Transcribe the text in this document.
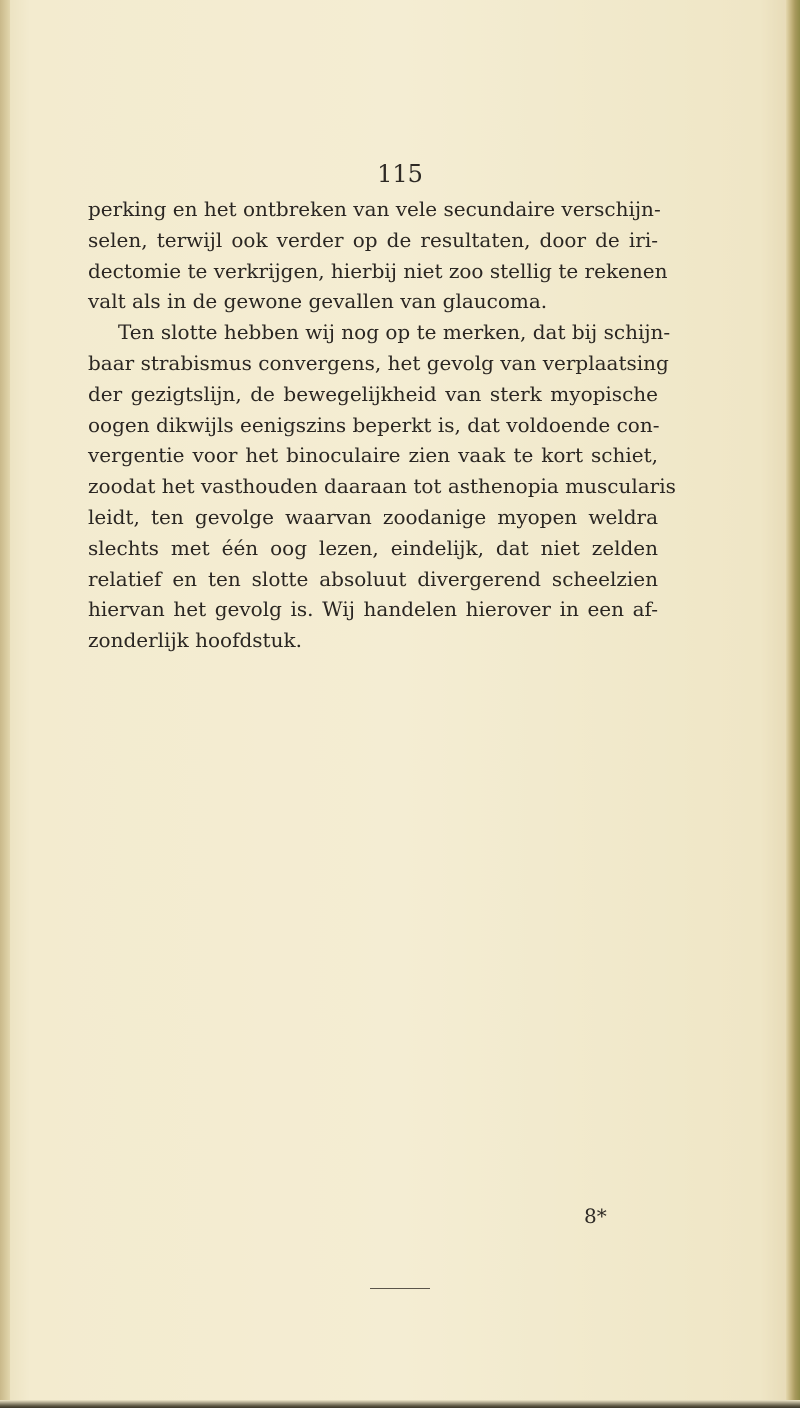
115
perking en het ontbreken van vele secundaire verschijn-
selen, terwijl ook verder op de resultaten, door de iri-
dectomie te verkrijgen, hierbij niet zoo stellig te rekenen
valt als in de gewone gevallen van glaucoma.
Ten slotte hebben wij nog op te merken, dat bij schijn-
baar strabismus convergens, het gevolg van verplaatsing
der gezigtslijn, de bewegelijkheid van sterk myopische
oogen dikwijls eenigszins beperkt is, dat voldoende con-
vergentie voor het binoculaire zien vaak te kort schiet,
zoodat het vasthouden daaraan tot asthenopia muscularis
leidt, ten gevolge waarvan zoodanige myopen weldra
slechts met één oog lezen, eindelijk, dat niet zelden
relatief en ten slotte absoluut divergerend scheelzien
hiervan het gevolg is. Wij handelen hierover in een af-
zonderlijk hoofdstuk.
8*
